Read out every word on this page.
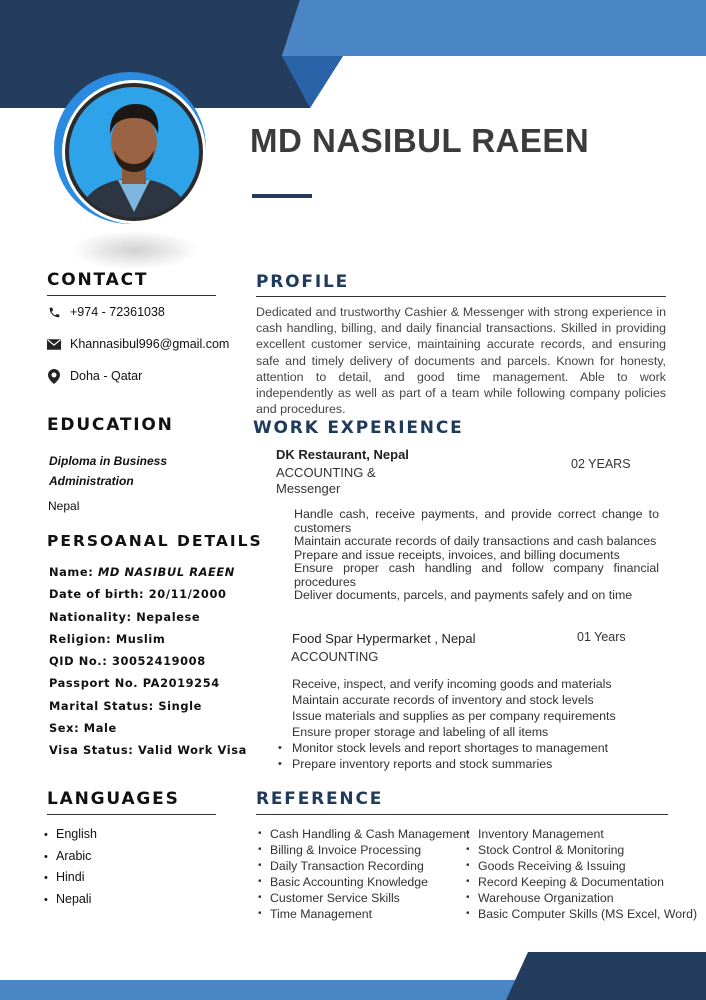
MD NASIBUL RAEEN
CONTACT
+974 - 72361038
Khannasibul996@gmail.com
Doha - Qatar
EDUCATION
Diploma in Business Administration
Nepal
PERSOANAL DETAILS
Name: MD NASIBUL RAEEN
Date of birth: 20/11/2000
Nationality: Nepalese
Religion: Muslim
QID No.: 30052419008
Passport No. PA2019254
Marital Status: Single
Sex: Male
Visa Status: Valid Work Visa
LANGUAGES
• English
• Arabic
• Hindi
• Nepali
PROFILE
Dedicated and trustworthy Cashier & Messenger with strong experience in cash handling, billing, and daily financial transactions. Skilled in providing excellent customer service, maintaining accurate records, and ensuring safe and timely delivery of documents and parcels. Known for honesty, attention to detail, and good time management. Able to work independently as well as part of a team while following company policies and procedures.
WORK EXPERIENCE
DK Restaurant, Nepal
ACCOUNTING & Messenger
02 YEARS
Handle cash, receive payments, and provide correct change to customers
Maintain accurate records of daily transactions and cash balances
Prepare and issue receipts, invoices, and billing documents
Ensure proper cash handling and follow company financial procedures
Deliver documents, parcels, and payments safely and on time
Food Spar Hypermarket , Nepal
ACCOUNTING
01 Years
Receive, inspect, and verify incoming goods and materials
Maintain accurate records of inventory and stock levels
Issue materials and supplies as per company requirements
Ensure proper storage and labeling of all items
• Monitor stock levels and report shortages to management
• Prepare inventory reports and stock summaries
REFERENCE
• Cash Handling & Cash Management
• Billing & Invoice Processing
• Daily Transaction Recording
• Basic Accounting Knowledge
• Customer Service Skills
• Time Management
• Inventory Management
• Stock Control & Monitoring
• Goods Receiving & Issuing
• Record Keeping & Documentation
• Warehouse Organization
• Basic Computer Skills (MS Excel, Word)
